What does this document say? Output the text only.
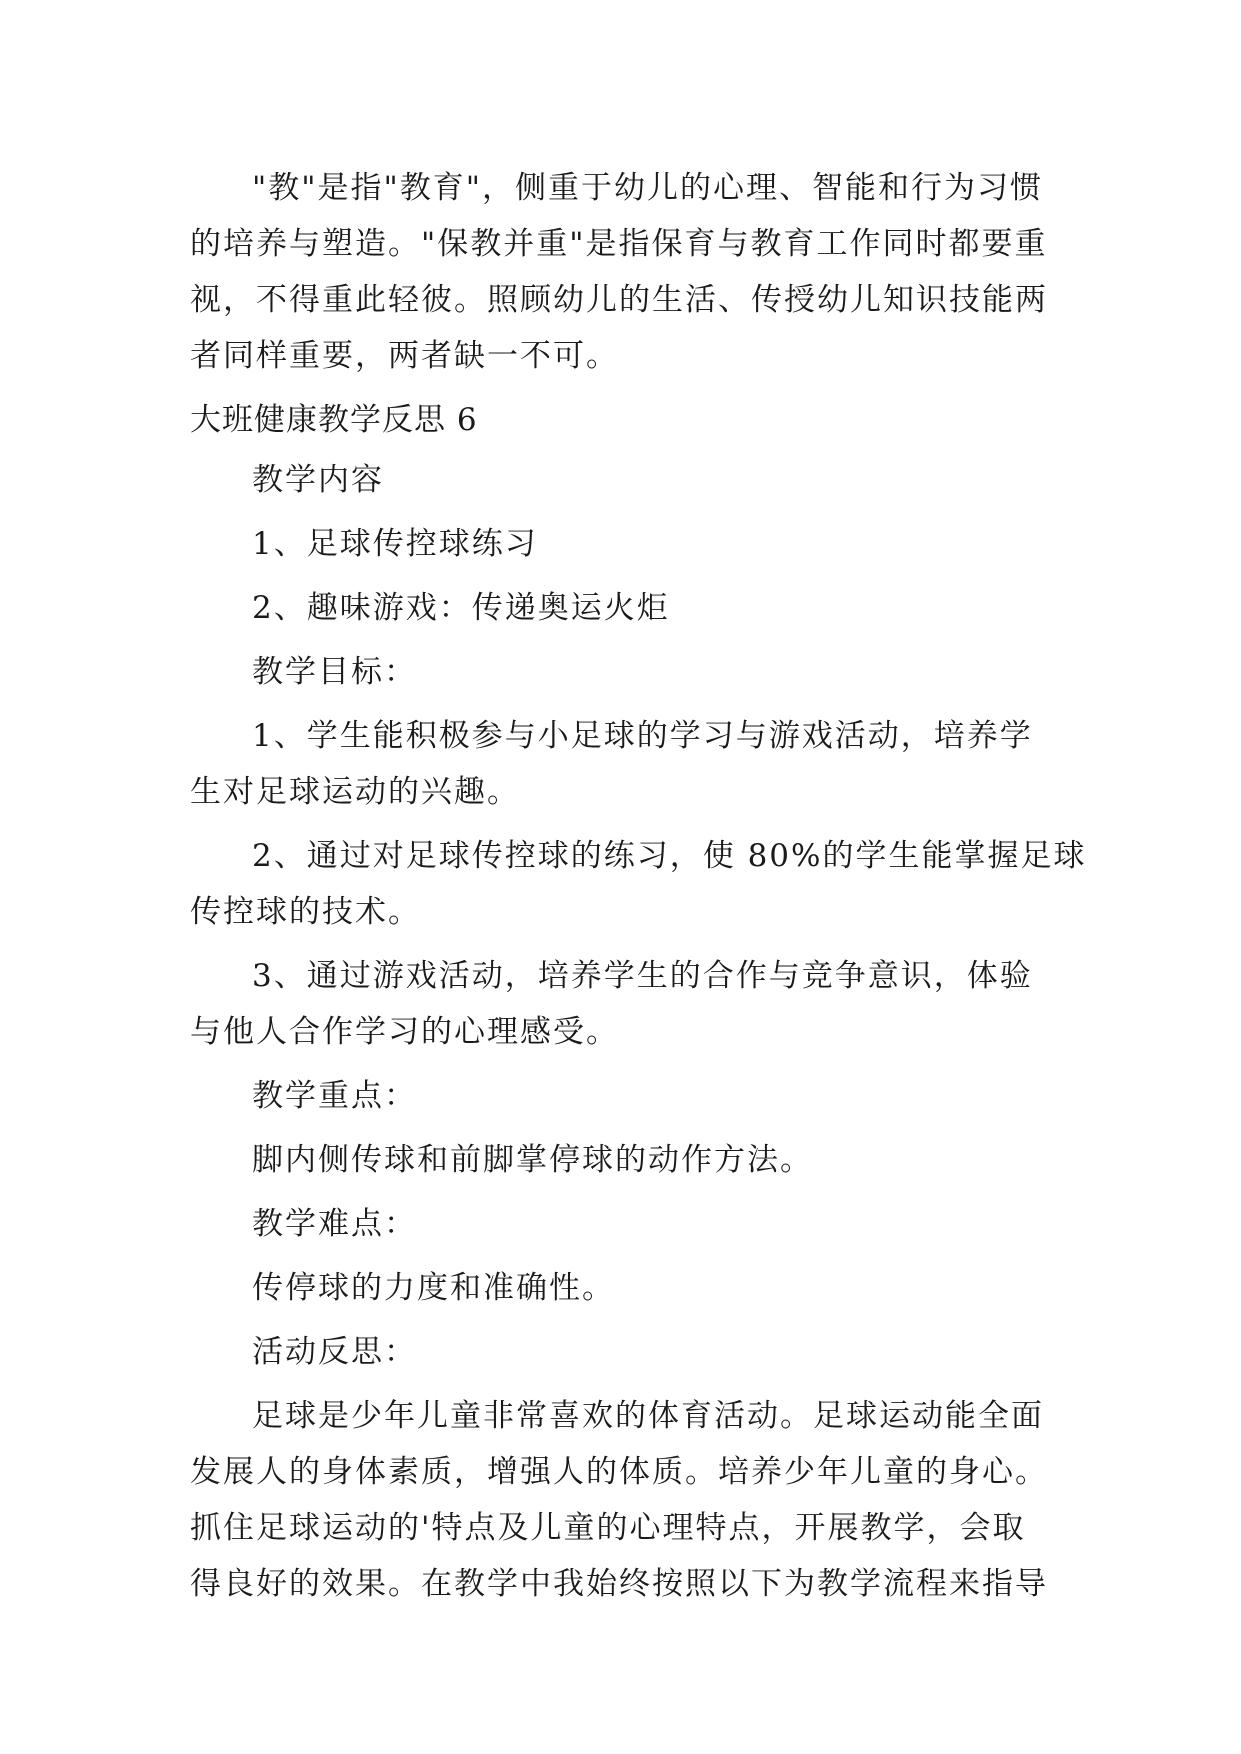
"教"是指"教育"，侧重于幼儿的心理、智能和行为习惯
的培养与塑造。"保教并重"是指保育与教育工作同时都要重
视，不得重此轻彼。照顾幼儿的生活、传授幼儿知识技能两
者同样重要，两者缺一不可。

大班健康教学反思 6

教学内容

1、足球传控球练习

2、趣味游戏：传递奥运火炬

教学目标：

1、学生能积极参与小足球的学习与游戏活动，培养学
生对足球运动的兴趣。

2、通过对足球传控球的练习，使 80%的学生能掌握足球
传控球的技术。

3、通过游戏活动，培养学生的合作与竞争意识，体验
与他人合作学习的心理感受。

教学重点：

脚内侧传球和前脚掌停球的动作方法。

教学难点：

传停球的力度和准确性。

活动反思：

足球是少年儿童非常喜欢的体育活动。足球运动能全面
发展人的身体素质，增强人的体质。培养少年儿童的身心。
抓住足球运动的'特点及儿童的心理特点，开展教学，会取
得良好的效果。在教学中我始终按照以下为教学流程来指导
